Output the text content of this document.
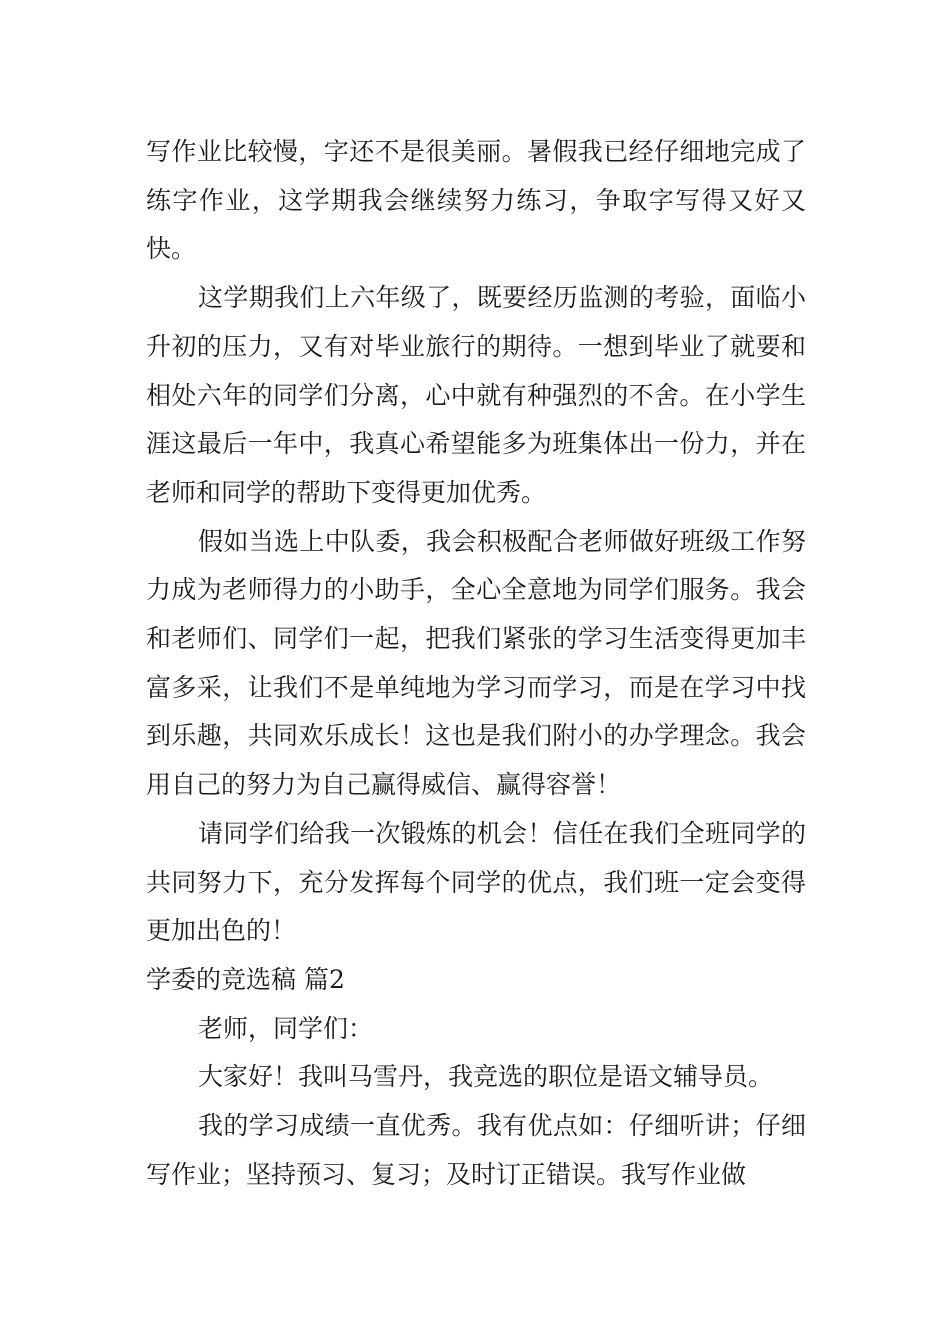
写作业比较慢，字还不是很美丽。暑假我已经仔细地完成了练字作业，这学期我会继续努力练习，争取字写得又好又快。

这学期我们上六年级了，既要经历监测的考验，面临小升初的压力，又有对毕业旅行的期待。一想到毕业了就要和相处六年的同学们分离，心中就有种强烈的不舍。在小学生涯这最后一年中，我真心希望能多为班集体出一份力，并在老师和同学的帮助下变得更加优秀。

假如当选上中队委，我会积极配合老师做好班级工作努力成为老师得力的小助手，全心全意地为同学们服务。我会和老师们、同学们一起，把我们紧张的学习生活变得更加丰富多采，让我们不是单纯地为学习而学习，而是在学习中找到乐趣，共同欢乐成长！这也是我们附小的办学理念。我会用自己的努力为自己赢得威信、赢得容誉！

请同学们给我一次锻炼的机会！信任在我们全班同学的共同努力下，充分发挥每个同学的优点，我们班一定会变得更加出色的！

学委的竞选稿 篇2

老师，同学们：

大家好！我叫马雪丹，我竞选的职位是语文辅导员。

我的学习成绩一直优秀。我有优点如：仔细听讲；仔细写作业；坚持预习、复习；及时订正错误。我写作业做
